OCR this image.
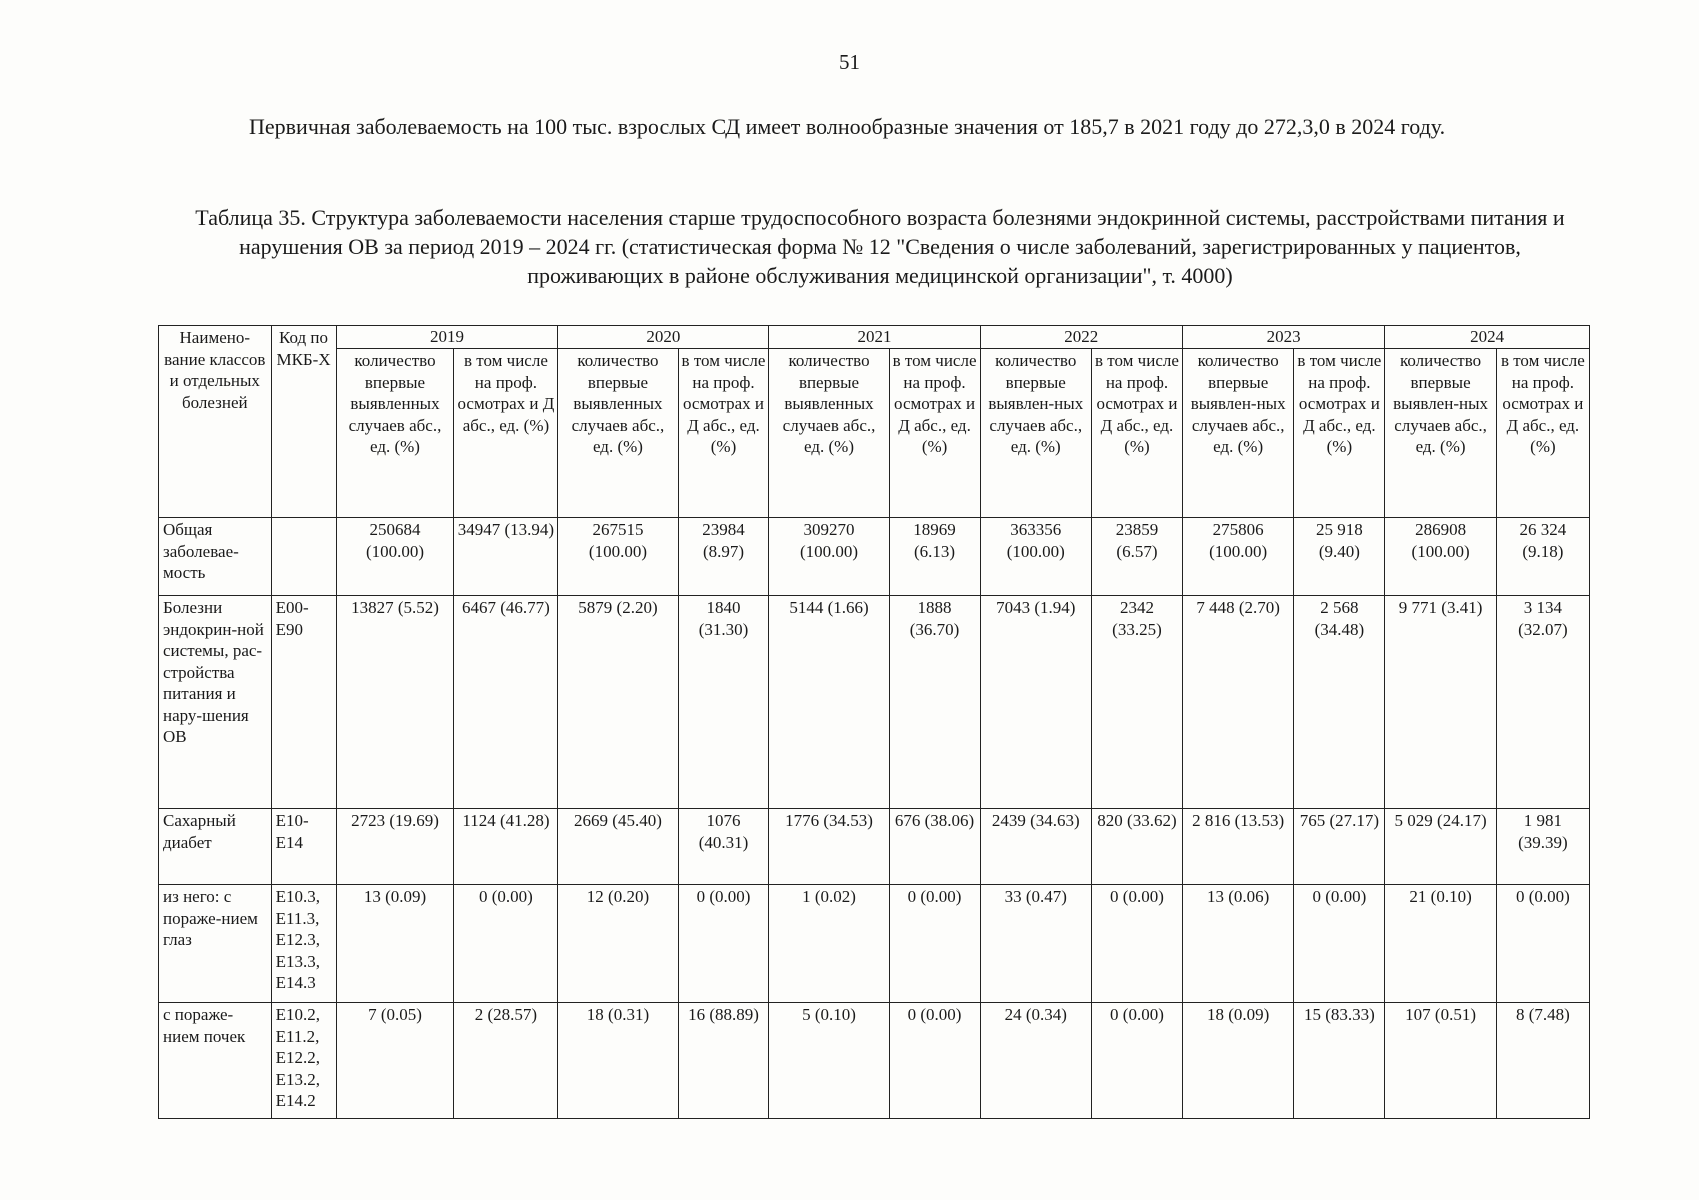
51
Первичная заболеваемость на 100 тыс. взрослых СД имеет волнообразные значения от 185,7 в 2021 году до 272,3,0 в 2024 году.
Таблица 35. Структура заболеваемости населения старше трудоспособного возраста болезнями эндокринной системы, расстройствами питания и нарушения ОВ за период 2019 – 2024 гг. (статистическая форма № 12 "Сведения о числе заболеваний, зарегистрированных у пациентов, проживающих в районе обслуживания медицинской организации", т. 4000)
Наимено-вание классов и отдельных болезней	Код по МКБ-Х	2019		2020		2021		2022		2023		2024	
		количество впервые выявленных случаев абс., ед. (%)	в том числе на проф. осмотрах и Д абс., ед. (%)	количество впервые выявленных случаев абс., ед. (%)	в том числе на проф. осмотрах и Д абс., ед. (%)	количество впервые выявленных случаев абс., ед. (%)	в том числе на проф. осмотрах и Д абс., ед. (%)	количество впервые выявлен-ных случаев абс., ед. (%)	в том числе на проф. осмотрах и Д абс., ед. (%)	количество впервые выявлен-ных случаев абс., ед. (%)	в том числе на проф. осмотрах и Д абс., ед. (%)	количество впервые выявлен-ных случаев абс., ед. (%)	в том числе на проф. осмотрах и Д абс., ед. (%)
Общая заболевае-мость		250684 (100.00)	34947 (13.94)	267515 (100.00)	23984 (8.97)	309270 (100.00)	18969 (6.13)	363356 (100.00)	23859 (6.57)	275806 (100.00)	25 918 (9.40)	286908 (100.00)	26 324 (9.18)
Болезни эндокрин-ной системы, рас-стройства питания и нару-шения ОВ	E00-E90	13827 (5.52)	6467 (46.77)	5879 (2.20)	1840 (31.30)	5144 (1.66)	1888 (36.70)	7043 (1.94)	2342 (33.25)	7 448 (2.70)	2 568 (34.48)	9 771 (3.41)	3 134 (32.07)
Сахарный диабет	E10-E14	2723 (19.69)	1124 (41.28)	2669 (45.40)	1076 (40.31)	1776 (34.53)	676 (38.06)	2439 (34.63)	820 (33.62)	2 816 (13.53)	765 (27.17)	5 029 (24.17)	1 981 (39.39)
из него: с пораже-нием глаз	E10.3, E11.3, E12.3, E13.3, E14.3	13 (0.09)	0 (0.00)	12 (0.20)	0 (0.00)	1 (0.02)	0 (0.00)	33 (0.47)	0 (0.00)	13 (0.06)	0 (0.00)	21 (0.10)	0 (0.00)
с пораже-нием почек	E10.2, E11.2, E12.2, E13.2, E14.2	7 (0.05)	2 (28.57)	18 (0.31)	16 (88.89)	5 (0.10)	0 (0.00)	24 (0.34)	0 (0.00)	18 (0.09)	15 (83.33)	107 (0.51)	8 (7.48)
